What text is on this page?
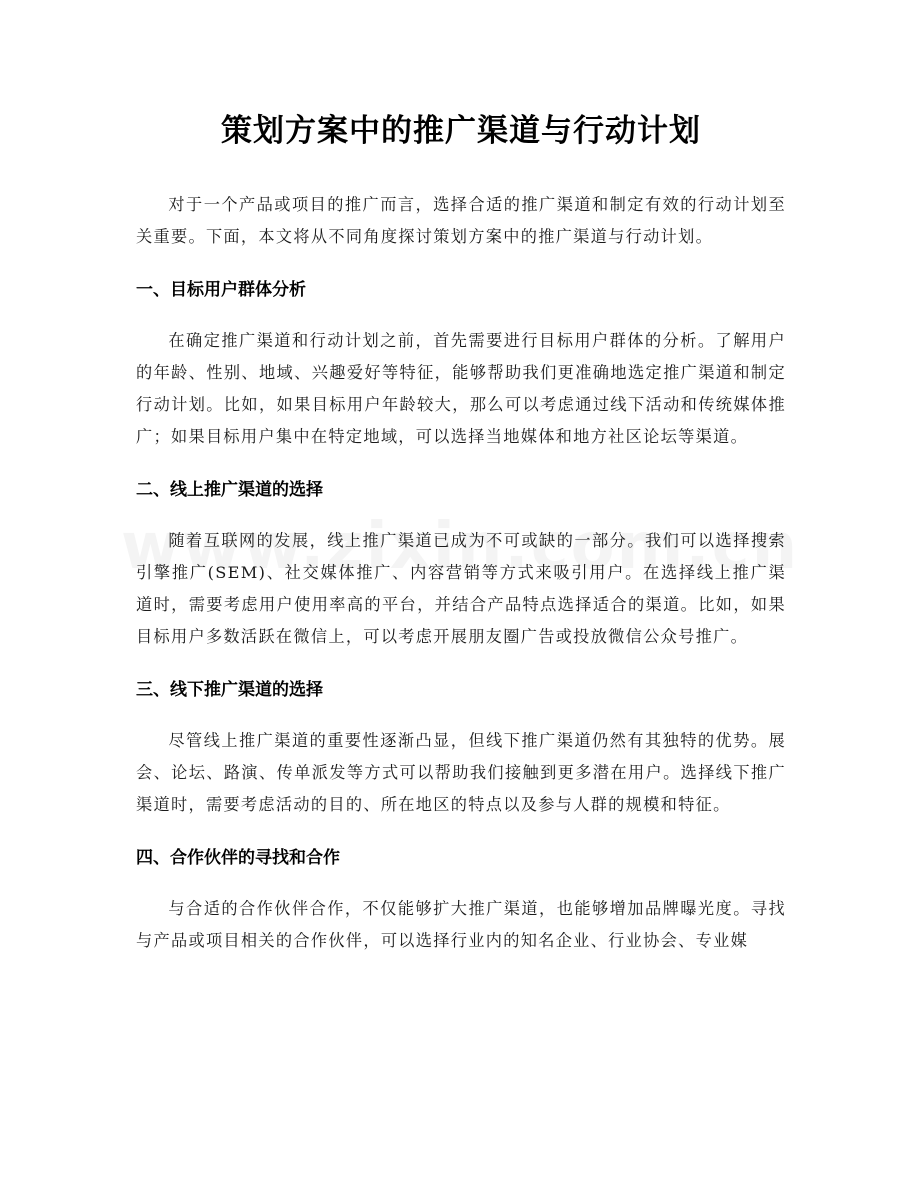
策划方案中的推广渠道与行动计划

对于一个产品或项目的推广而言，选择合适的推广渠道和制定有效的行动计划至关重要。下面，本文将从不同角度探讨策划方案中的推广渠道与行动计划。

一、目标用户群体分析

在确定推广渠道和行动计划之前，首先需要进行目标用户群体的分析。了解用户的年龄、性别、地域、兴趣爱好等特征，能够帮助我们更准确地选定推广渠道和制定行动计划。比如，如果目标用户年龄较大，那么可以考虑通过线下活动和传统媒体推广；如果目标用户集中在特定地域，可以选择当地媒体和地方社区论坛等渠道。

二、线上推广渠道的选择

随着互联网的发展，线上推广渠道已成为不可或缺的一部分。我们可以选择搜索引擎推广(SEM)、社交媒体推广、内容营销等方式来吸引用户。在选择线上推广渠道时，需要考虑用户使用率高的平台，并结合产品特点选择适合的渠道。比如，如果目标用户多数活跃在微信上，可以考虑开展朋友圈广告或投放微信公众号推广。

三、线下推广渠道的选择

尽管线上推广渠道的重要性逐渐凸显，但线下推广渠道仍然有其独特的优势。展会、论坛、路演、传单派发等方式可以帮助我们接触到更多潜在用户。选择线下推广渠道时，需要考虑活动的目的、所在地区的特点以及参与人群的规模和特征。

四、合作伙伴的寻找和合作

与合适的合作伙伴合作，不仅能够扩大推广渠道，也能够增加品牌曝光度。寻找与产品或项目相关的合作伙伴，可以选择行业内的知名企业、行业协会、专业媒
